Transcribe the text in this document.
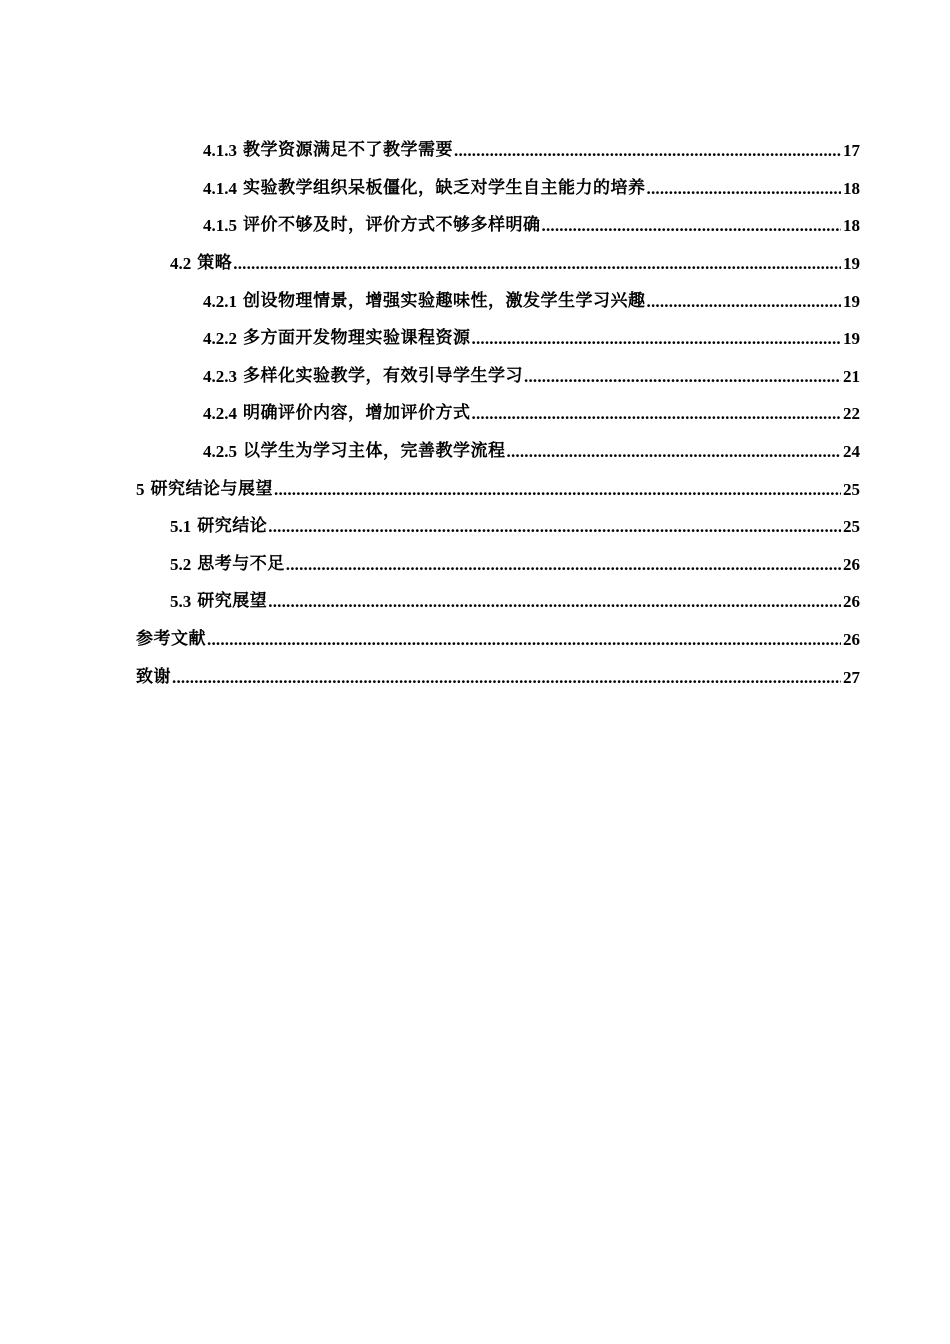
4.1.3 教学资源满足不了教学需要 .....	17
4.1.4 实验教学组织呆板僵化，缺乏对学生自主能力的培养 .....	18
4.1.5 评价不够及时，评价方式不够多样明确 .....	18
4.2 策略 .....	19
4.2.1 创设物理情景，增强实验趣味性，激发学生学习兴趣 .....	19
4.2.2 多方面开发物理实验课程资源 .....	19
4.2.3 多样化实验教学，有效引导学生学习 .....	21
4.2.4 明确评价内容，增加评价方式 .....	22
4.2.5 以学生为学习主体，完善教学流程 .....	24
5 研究结论与展望 .....	25
5.1 研究结论 .....	25
5.2 思考与不足 .....	26
5.3 研究展望 .....	26
参考文献 .....	26
致谢 .....	27
